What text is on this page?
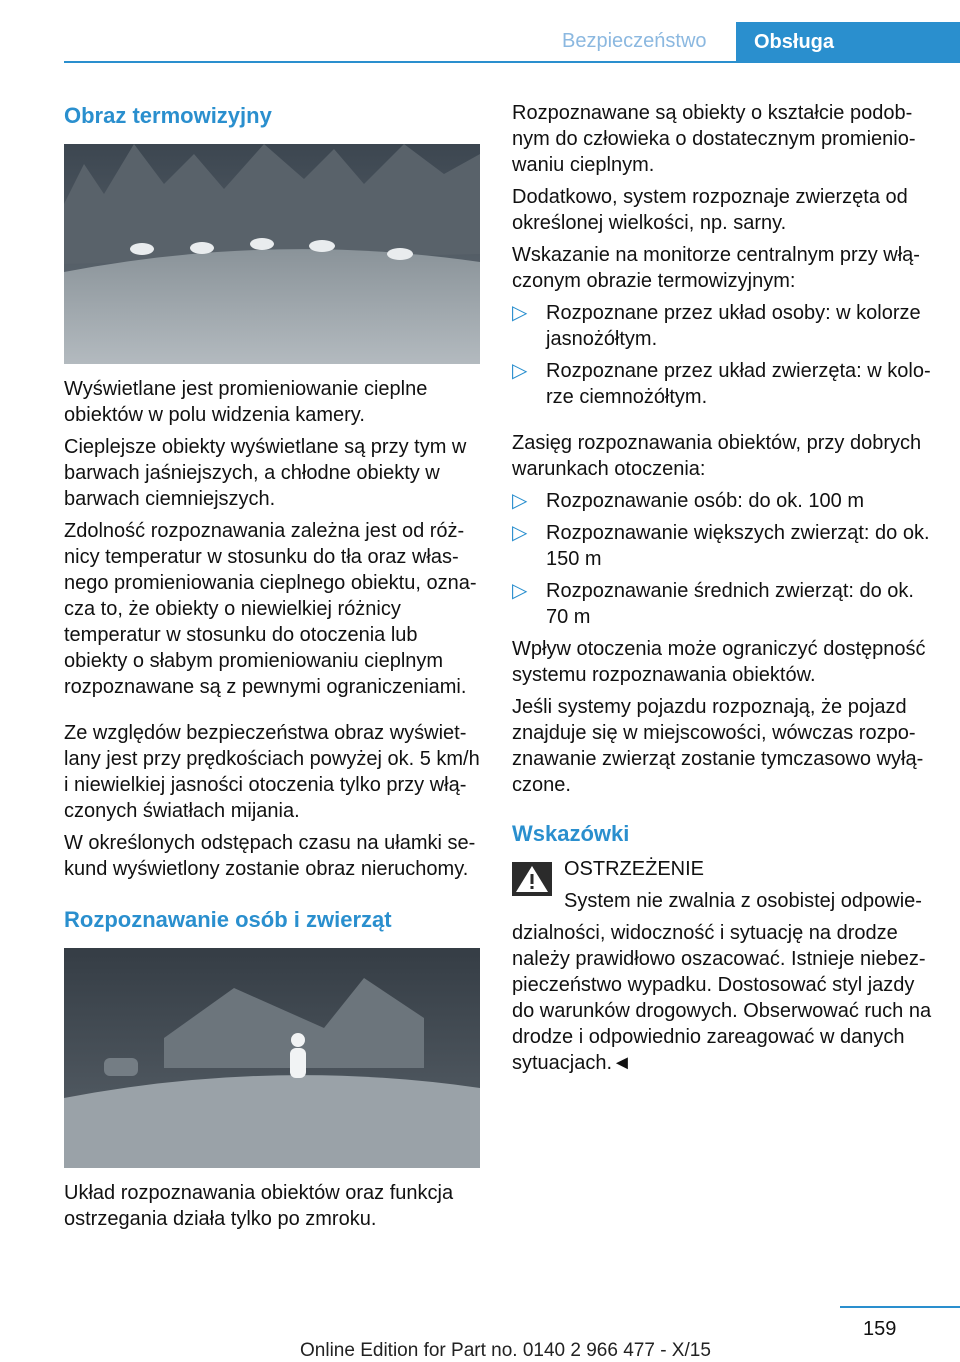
Bezpieczeństwo	Obsługa
Obraz termowizyjny

Wyświetlane jest promieniowanie cieplne obiektów w polu widzenia kamery.

Cieplejsze obiekty wyświetlane są przy tym w barwach jaśniejszych, a chłodne obiekty w barwach ciemniejszych.

Zdolność rozpoznawania zależna jest od róż- nicy temperatur w stosunku do tła oraz włas- nego promieniowania cieplnego obiektu, ozna- cza to, że obiekty o niewielkiej różnicy temperatur w stosunku do otoczenia lub obiekty o słabym promieniowaniu cieplnym rozpoznawane są z pewnymi ograniczeniami.

Ze względów bezpieczeństwa obraz wyświet- lany jest przy prędkościach powyżej ok. 5 km/h i niewielkiej jasności otoczenia tylko przy włą- czonych światłach mijania.

W określonych odstępach czasu na ułamki se- kund wyświetlony zostanie obraz nieruchomy.

Rozpoznawanie osób i zwierząt

Układ rozpoznawania obiektów oraz funkcja ostrzegania działa tylko po zmroku.

Rozpoznawane są obiekty o kształcie podob- nym do człowieka o dostatecznym promienio- waniu cieplnym.

Dodatkowo, system rozpoznaje zwierzęta od określonej wielkości, np. sarny.

Wskazanie na monitorze centralnym przy włą- czonym obrazie termowizyjnym:

▷ Rozpoznane przez układ osoby: w kolorze jasnożółtym.
▷ Rozpoznane przez układ zwierzęta: w kolo- rze ciemnożółtym.

Zasięg rozpoznawania obiektów, przy dobrych warunkach otoczenia:

▷ Rozpoznawanie osób: do ok. 100 m
▷ Rozpoznawanie większych zwierząt: do ok. 150 m
▷ Rozpoznawanie średnich zwierząt: do ok. 70 m

Wpływ otoczenia może ograniczyć dostępność systemu rozpoznawania obiektów.

Jeśli systemy pojazdu rozpoznają, że pojazd znajduje się w miejscowości, wówczas rozpo- znawanie zwierząt zostanie tymczasowo wyłą- czone.

Wskazówki

OSTRZEŻENIE

System nie zwalnia z osobistej odpowie-

dzialności, widoczność i sytuację na drodze należy prawidłowo oszacować. Istnieje niebez- pieczeństwo wypadku. Dostosować styl jazdy do warunków drogowych. Obserwować ruch na drodze i odpowiednio zareagować w danych sytuacjach.◄

159
Online Edition for Part no. 0140 2 966 477 - X/15
